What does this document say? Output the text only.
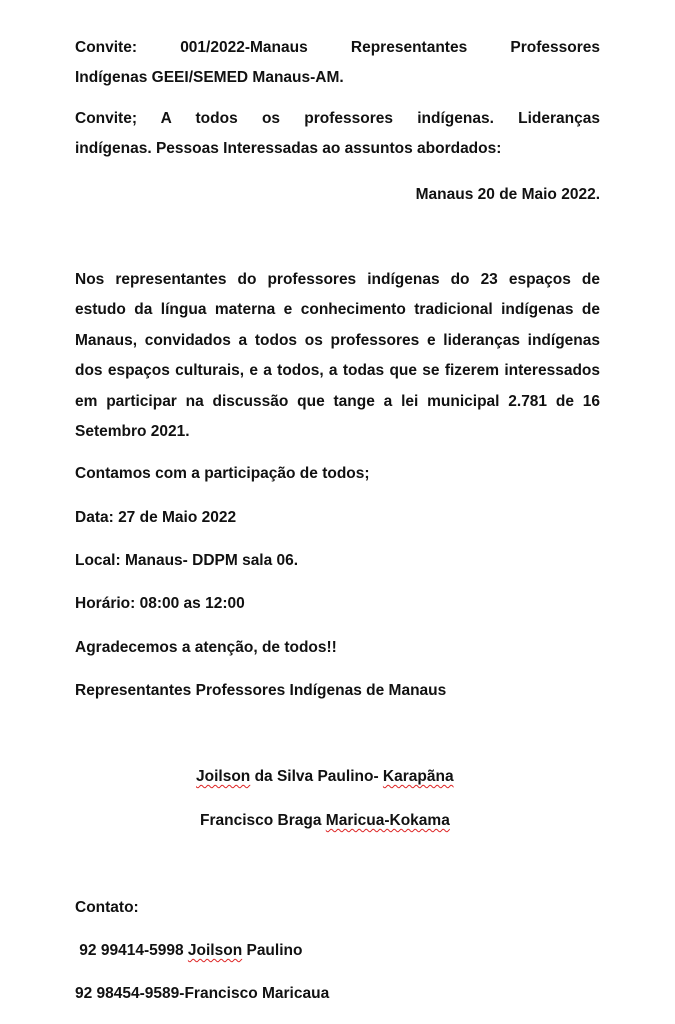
Convite: 001/2022-Manaus Representantes Professores
Indígenas GEEI/SEMED Manaus-AM.

Convite; A todos os professores indígenas. Lideranças
indígenas. Pessoas Interessadas ao assuntos abordados:

Manaus 20 de Maio 2022.

Nos representantes do professores indígenas do 23 espaços de estudo da língua materna e conhecimento tradicional indígenas de Manaus, convidados a todos os professores e lideranças indígenas dos espaços culturais, e a todos, a todas que se fizerem interessados em participar na discussão que tange a lei municipal 2.781 de 16 Setembro 2021.

Contamos com a participação de todos;

Data: 27 de Maio 2022

Local: Manaus- DDPM sala 06.

Horário: 08:00 as 12:00

Agradecemos a atenção, de todos!!

Representantes Professores Indígenas de Manaus

Joilson da Silva Paulino- Karapãna

Francisco Braga Maricua-Kokama

Contato:

92 99414-5998 Joilson Paulino

92 98454-9589-Francisco Maricaua
